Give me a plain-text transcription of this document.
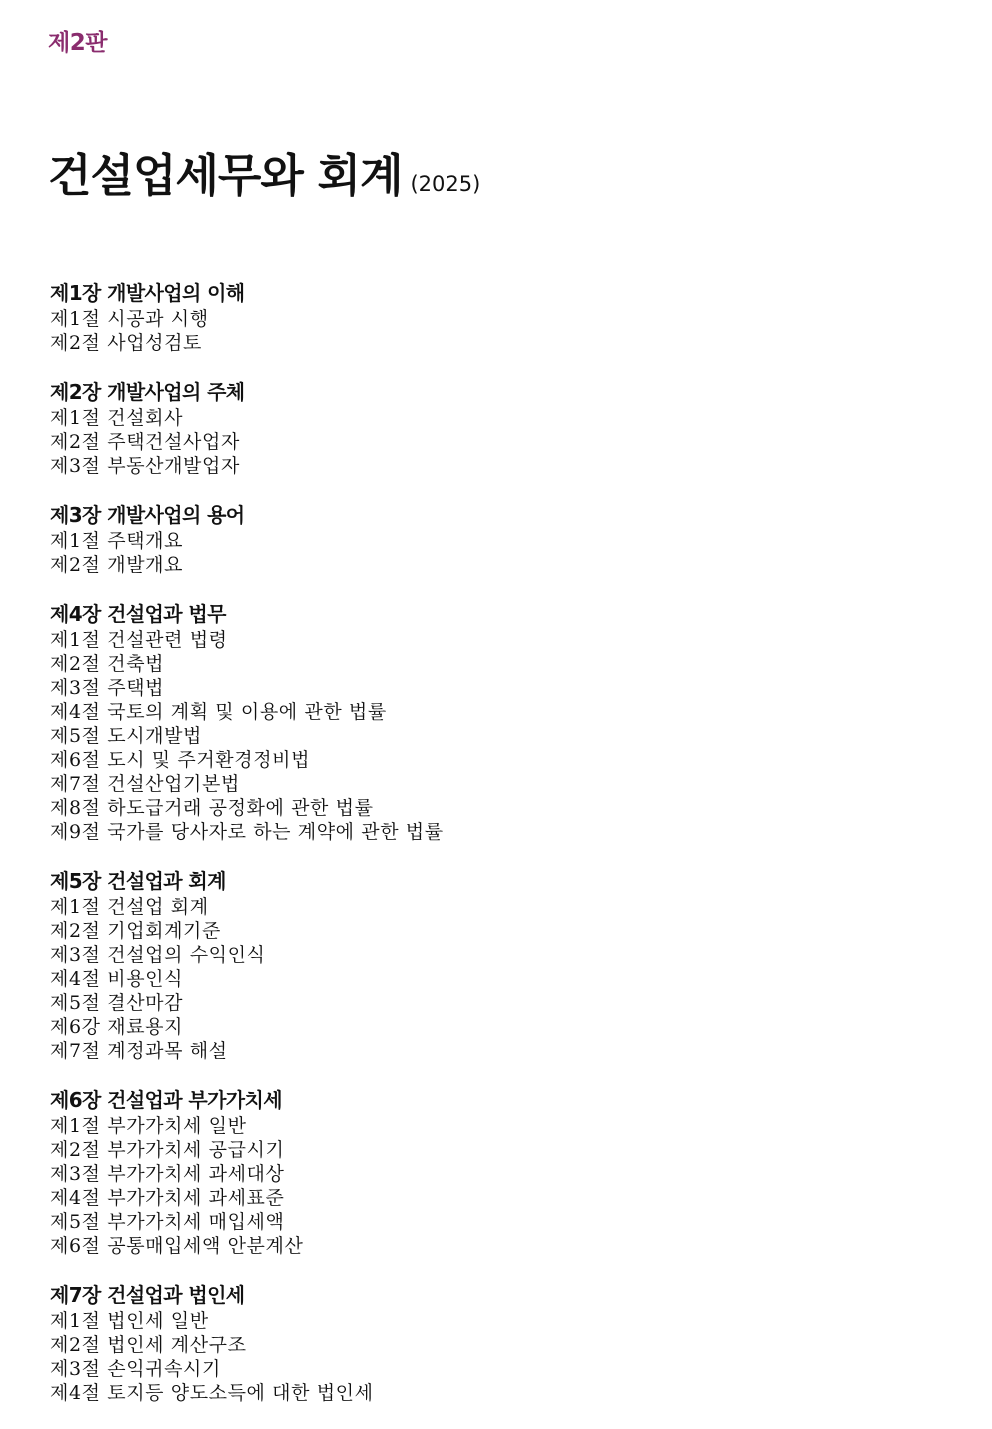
제2판
건설업세무와 회계 (2025)
제1장 개발사업의 이해
제1절 시공과 시행
제2절 사업성검토
제2장 개발사업의 주체
제1절 건설회사
제2절 주택건설사업자
제3절 부동산개발업자
제3장 개발사업의 용어
제1절 주택개요
제2절 개발개요
제4장 건설업과 법무
제1절 건설관련 법령
제2절 건축법
제3절 주택법
제4절 국토의 계획 및 이용에 관한 법률
제5절 도시개발법
제6절 도시 및 주거환경정비법
제7절 건설산업기본법
제8절 하도급거래 공정화에 관한 법률
제9절 국가를 당사자로 하는 계약에 관한 법률
제5장 건설업과 회계
제1절 건설업 회계
제2절 기업회계기준
제3절 건설업의 수익인식
제4절 비용인식
제5절 결산마감
제6강 재료용지
제7절 계정과목 해설
제6장 건설업과 부가가치세
제1절 부가가치세 일반
제2절 부가가치세 공급시기
제3절 부가가치세 과세대상
제4절 부가가치세 과세표준
제5절 부가가치세 매입세액
제6절 공통매입세액 안분계산
제7장 건설업과 법인세
제1절 법인세 일반
제2절 법인세 계산구조
제3절 손익귀속시기
제4절 토지등 양도소득에 대한 법인세
